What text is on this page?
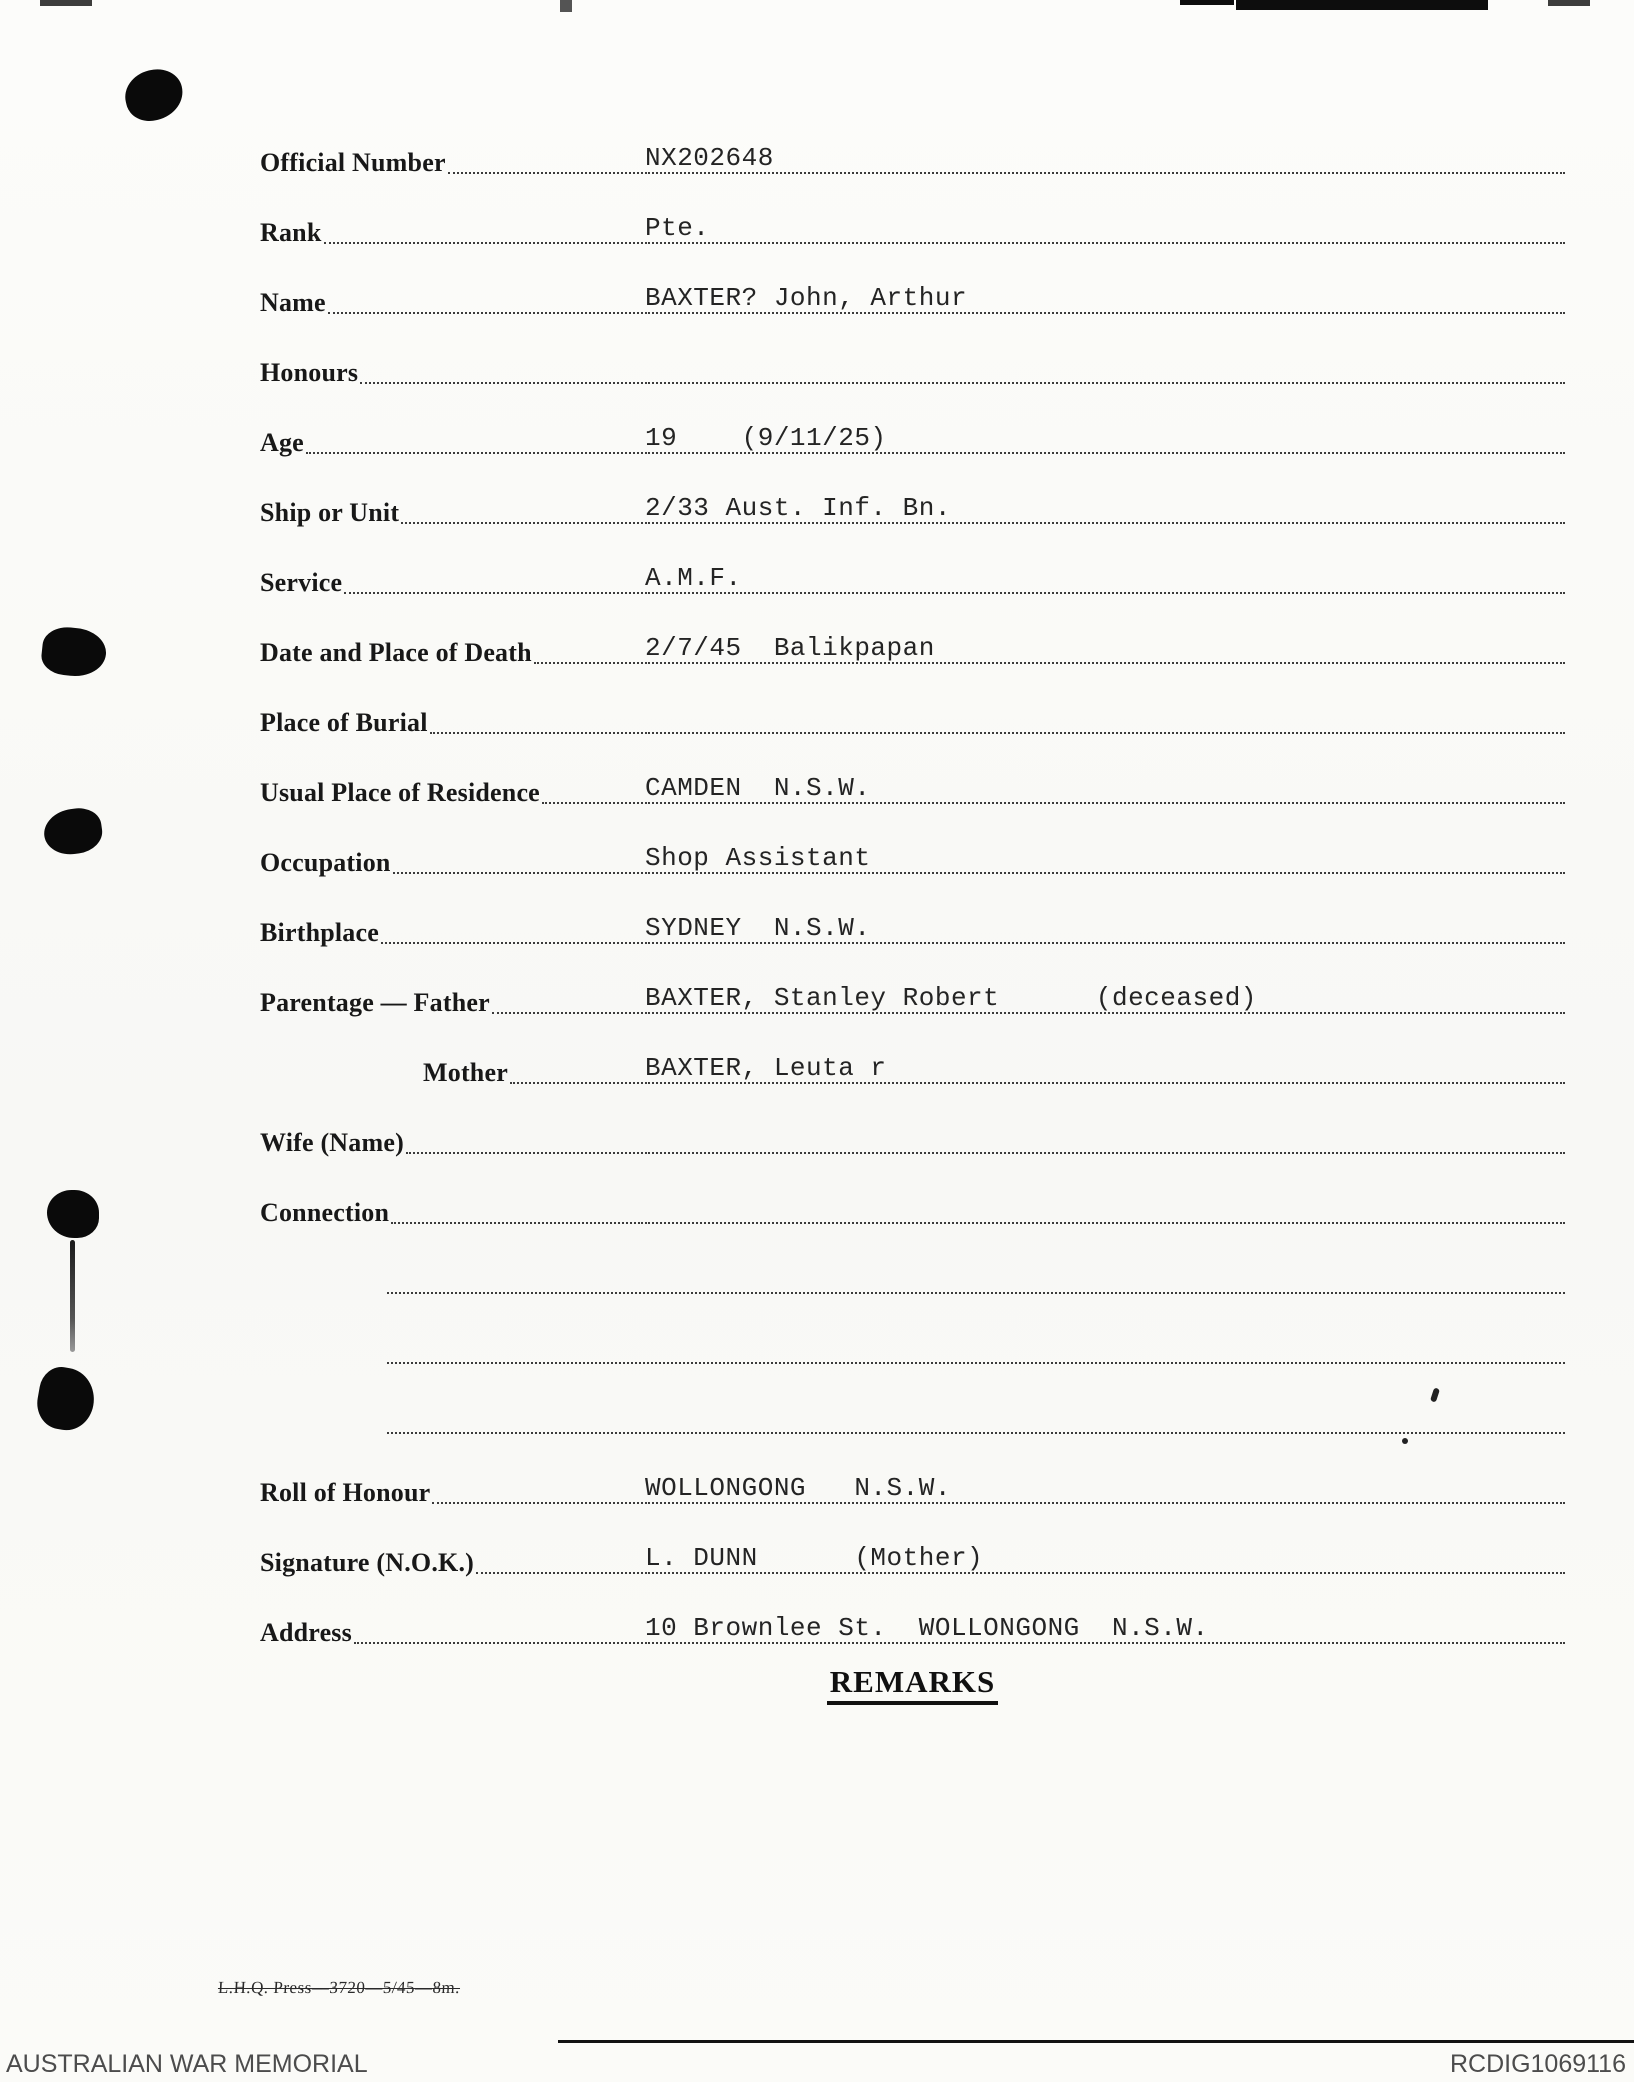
Official Number	NX202648
Rank	Pte.
Name	BAXTER? John, Arthur
Honours
Age	19    (9/11/25)
Ship or Unit	2/33 Aust. Inf. Bn.
Service	A.M.F.
Date and Place of Death	2/7/45  Balikpapan
Place of Burial
Usual Place of Residence	CAMDEN  N.S.W.
Occupation	Shop Assistant
Birthplace	SYDNEY  N.S.W.
Parentage — Father	BAXTER, Stanley Robert      (deceased)
Mother	BAXTER, Leuta r
Wife (Name)
Connection
Roll of Honour	WOLLONGONG   N.S.W.
Signature (N.O.K.)	L. DUNN      (Mother)
Address	10 Brownlee St.  WOLLONGONG  N.S.W.
REMARKS
L.H.Q. Press—3720—5/45—8m.
AUSTRALIAN WAR MEMORIAL	RCDIG1069116
